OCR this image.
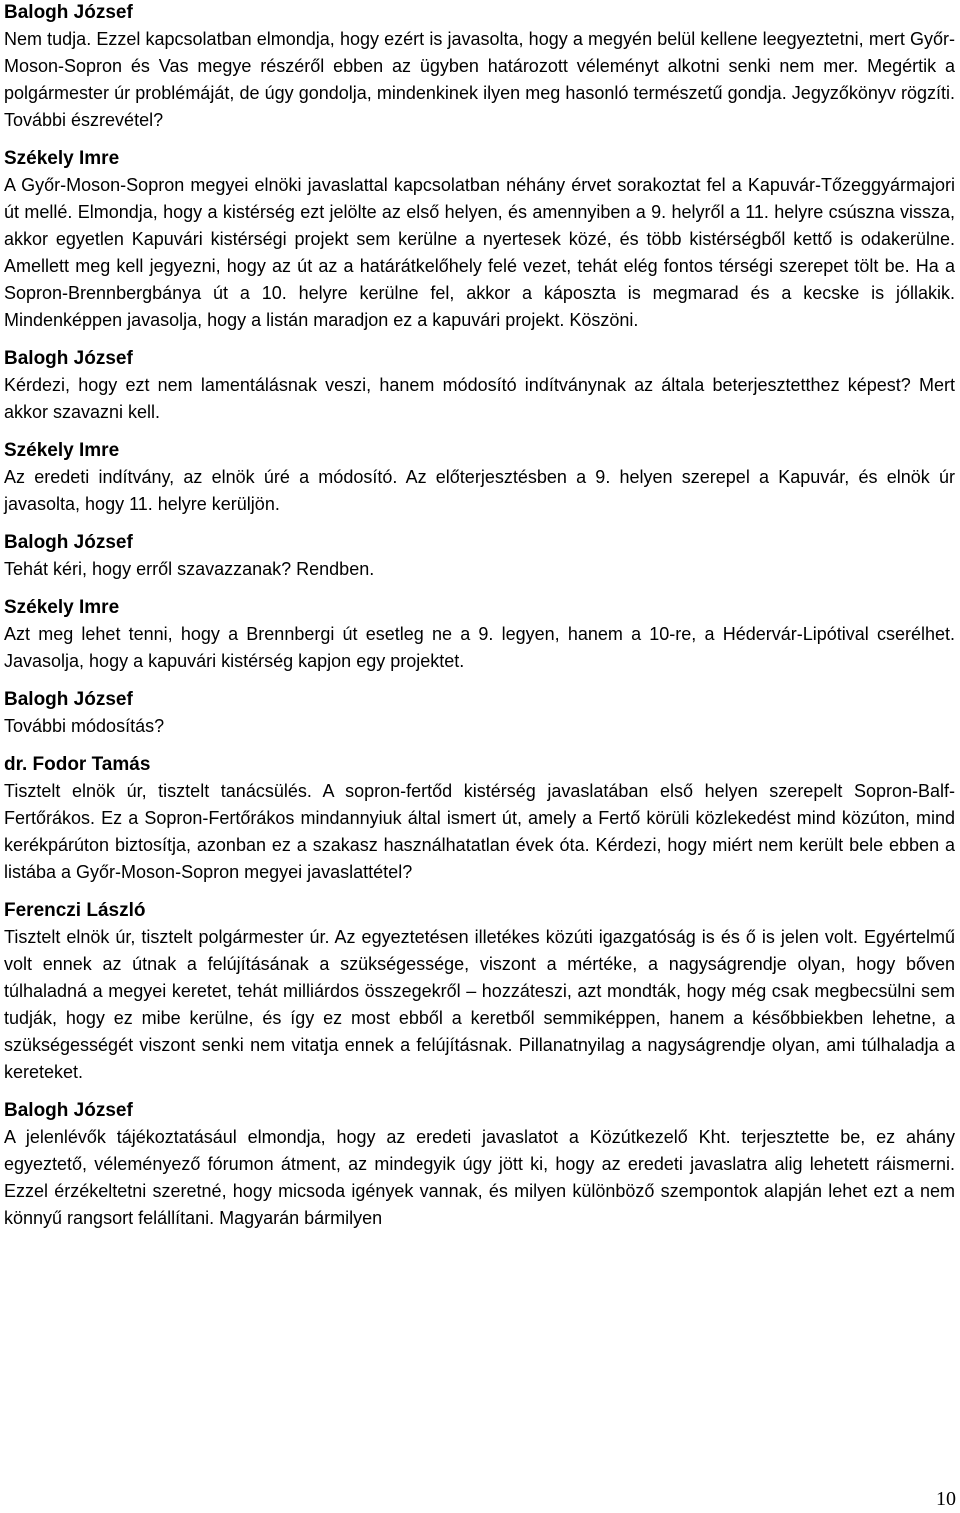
Balogh József

Nem tudja. Ezzel kapcsolatban elmondja, hogy ezért is javasolta, hogy a megyén belül kellene leegyeztetni, mert Győr-Moson-Sopron és Vas megye részéről ebben az ügyben határozott véleményt alkotni senki nem mer. Megértik a polgármester úr problémáját, de úgy gondolja, mindenkinek ilyen meg hasonló természetű gondja. Jegyzőkönyv rögzíti. További észrevétel?

Székely Imre

A Győr-Moson-Sopron megyei elnöki javaslattal kapcsolatban néhány érvet sorakoztat fel a Kapuvár-Tőzeggyármajori út mellé. Elmondja, hogy a kistérség ezt jelölte az első helyen, és amennyiben a 9. helyről a 11. helyre csúszna vissza, akkor egyetlen Kapuvári kistérségi projekt sem kerülne a nyertesek közé, és több kistérségből kettő is odakerülne. Amellett meg kell jegyezni, hogy az út az a határátkelőhely felé vezet, tehát elég fontos térségi szerepet tölt be. Ha a Sopron-Brennbergbánya út a 10. helyre kerülne fel, akkor a káposzta is megmarad és a kecske is jóllakik. Mindenképpen javasolja, hogy a listán maradjon ez a kapuvári projekt. Köszöni.

Balogh József

Kérdezi, hogy ezt nem lamentálásnak veszi, hanem módosító indítványnak az általa beterjesztetthez képest? Mert akkor szavazni kell.

Székely Imre

Az eredeti indítvány, az elnök úré a módosító. Az előterjesztésben a 9. helyen szerepel a Kapuvár, és elnök úr javasolta, hogy 11. helyre kerüljön.

Balogh József

Tehát kéri, hogy erről szavazzanak? Rendben.

Székely Imre

Azt meg lehet tenni, hogy a Brennbergi út esetleg ne a 9. legyen, hanem a 10-re, a Hédervár-Lipótival cserélhet. Javasolja, hogy a kapuvári kistérség kapjon egy projektet.

Balogh József

További módosítás?

dr. Fodor Tamás

Tisztelt elnök úr, tisztelt tanácsülés. A sopron-fertőd kistérség javaslatában első helyen szerepelt Sopron-Balf-Fertőrákos. Ez a Sopron-Fertőrákos mindannyiuk által ismert út, amely a Fertő körüli közlekedést mind közúton, mind kerékpárúton biztosítja, azonban ez a szakasz használhatatlan évek óta. Kérdezi, hogy miért nem került bele ebben a listába a Győr-Moson-Sopron megyei javaslattétel?

Ferenczi László

Tisztelt elnök úr, tisztelt polgármester úr. Az egyeztetésen illetékes közúti igazgatóság is és ő is jelen volt. Egyértelmű volt ennek az útnak a felújításának a szükségessége, viszont a mértéke, a nagyságrendje olyan, hogy bőven túlhaladná a megyei keretet, tehát milliárdos összegekről – hozzáteszi, azt mondták, hogy még csak megbecsülni sem tudják, hogy ez mibe kerülne, és így ez most ebből a keretből semmiképpen, hanem a későbbiekben lehetne, a szükségességét viszont senki nem vitatja ennek a felújításnak. Pillanatnyilag a nagyságrendje olyan, ami túlhaladja a kereteket.

Balogh József

A jelenlévők tájékoztatásául elmondja, hogy az eredeti javaslatot a Közútkezelő Kht. terjesztette be, ez ahány egyeztető, véleményező fórumon átment, az mindegyik úgy jött ki, hogy az eredeti javaslatra alig lehetett ráismerni. Ezzel érzékeltetni szeretné, hogy micsoda igények vannak, és milyen különböző szempontok alapján lehet ezt a nem könnyű rangsort felállítani. Magyarán bármilyen

10
